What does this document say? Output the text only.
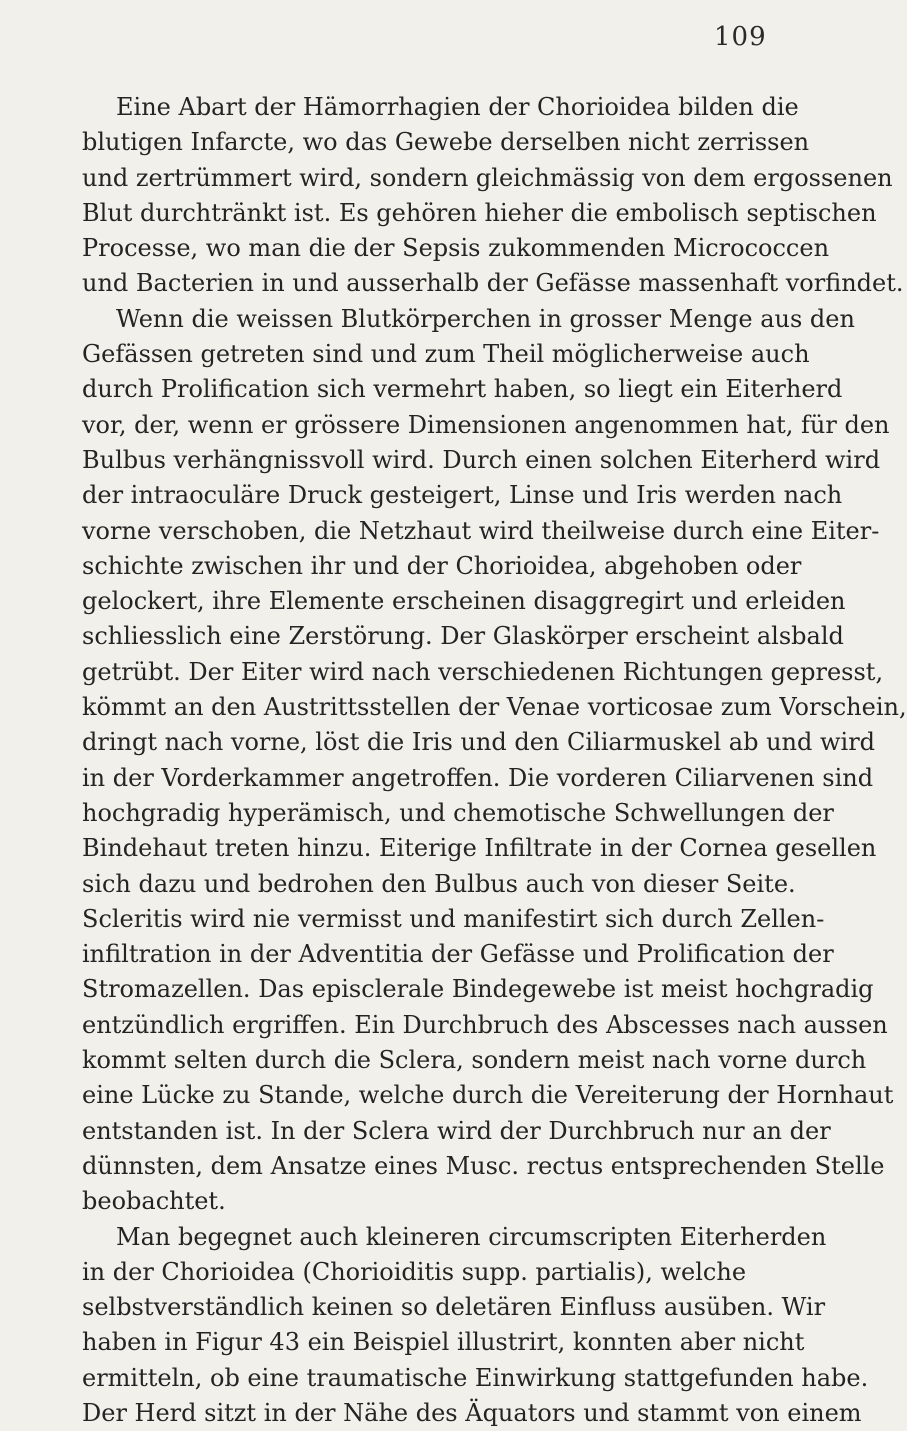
109
Eine Abart der Hämorrhagien der Chorioidea bilden die
blutigen Infarcte, wo das Gewebe derselben nicht zerrissen
und zertrümmert wird, sondern gleichmässig von dem ergossenen
Blut durchtränkt ist. Es gehören hieher die embolisch septischen
Processe, wo man die der Sepsis zukommenden Micrococcen
und Bacterien in und ausserhalb der Gefässe massenhaft vorfindet.
Wenn die weissen Blutkörperchen in grosser Menge aus den
Gefässen getreten sind und zum Theil möglicherweise auch
durch Prolification sich vermehrt haben, so liegt ein Eiterherd
vor, der, wenn er grössere Dimensionen angenommen hat, für den
Bulbus verhängnissvoll wird. Durch einen solchen Eiterherd wird
der intraoculäre Druck gesteigert, Linse und Iris werden nach
vorne verschoben, die Netzhaut wird theilweise durch eine Eiter-
schichte zwischen ihr und der Chorioidea, abgehoben oder
gelockert, ihre Elemente erscheinen disaggregirt und erleiden
schliesslich eine Zerstörung. Der Glaskörper erscheint alsbald
getrübt. Der Eiter wird nach verschiedenen Richtungen gepresst,
kömmt an den Austrittsstellen der Venae vorticosae zum Vorschein,
dringt nach vorne, löst die Iris und den Ciliarmuskel ab und wird
in der Vorderkammer angetroffen. Die vorderen Ciliarvenen sind
hochgradig hyperämisch, und chemotische Schwellungen der
Bindehaut treten hinzu. Eiterige Infiltrate in der Cornea gesellen
sich dazu und bedrohen den Bulbus auch von dieser Seite.
Scleritis wird nie vermisst und manifestirt sich durch Zellen-
infiltration in der Adventitia der Gefässe und Prolification der
Stromazellen. Das episclerale Bindegewebe ist meist hochgradig
entzündlich ergriffen. Ein Durchbruch des Abscesses nach aussen
kommt selten durch die Sclera, sondern meist nach vorne durch
eine Lücke zu Stande, welche durch die Vereiterung der Hornhaut
entstanden ist. In der Sclera wird der Durchbruch nur an der
dünnsten, dem Ansatze eines Musc. rectus entsprechenden Stelle
beobachtet.
Man begegnet auch kleineren circumscripten Eiterherden
in der Chorioidea (Chorioiditis supp. partialis), welche
selbstverständlich keinen so deletären Einfluss ausüben. Wir
haben in Figur 43 ein Beispiel illustrirt, konnten aber nicht
ermitteln, ob eine traumatische Einwirkung stattgefunden habe.
Der Herd sitzt in der Nähe des Äquators und stammt von einem
